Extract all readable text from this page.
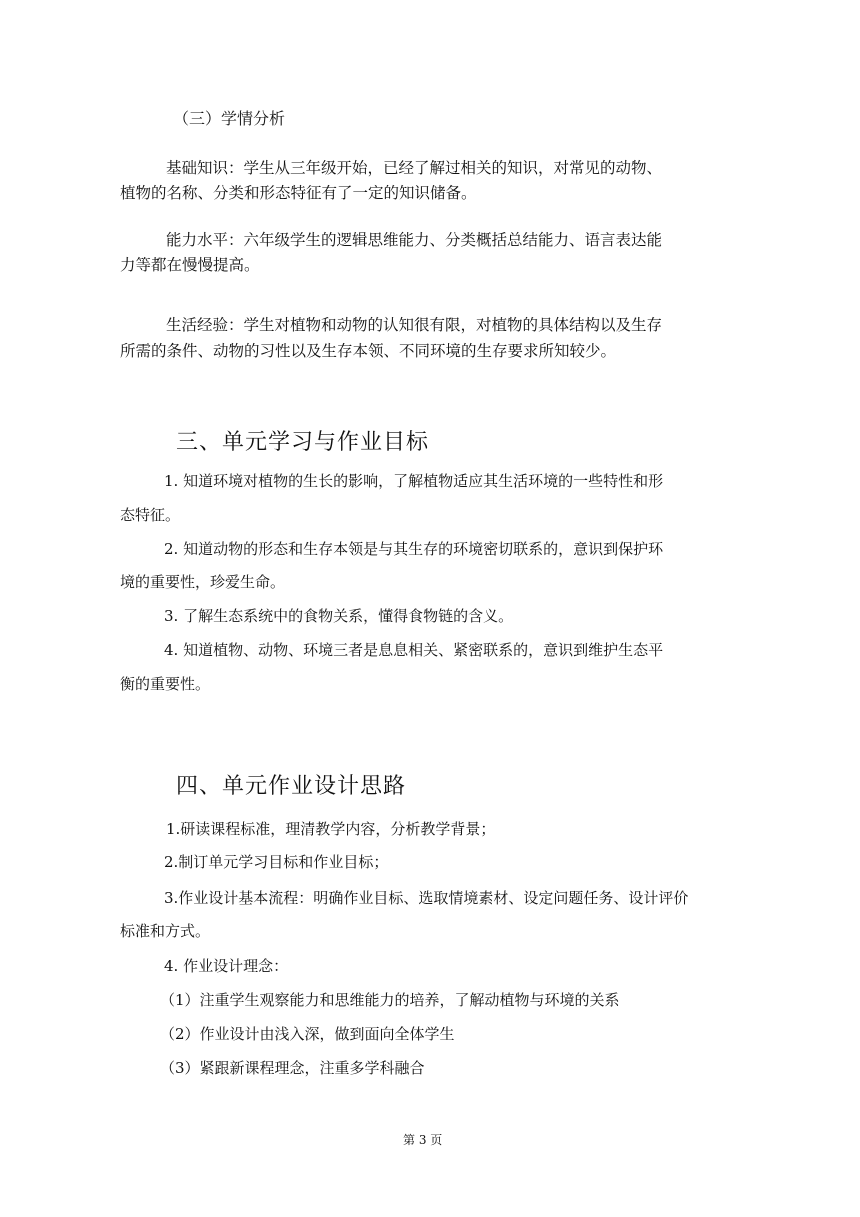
（三）学情分析

基础知识：学生从三年级开始，已经了解过相关的知识，对常见的动物、

植物的名称、分类和形态特征有了一定的知识储备。

能力水平：六年级学生的逻辑思维能力、分类概括总结能力、语言表达能

力等都在慢慢提高。

生活经验：学生对植物和动物的认知很有限，对植物的具体结构以及生存

所需的条件、动物的习性以及生存本领、不同环境的生存要求所知较少。

三、单元学习与作业目标

1. 知道环境对植物的生长的影响，了解植物适应其生活环境的一些特性和形

态特征。

2. 知道动物的形态和生存本领是与其生存的环境密切联系的，意识到保护环

境的重要性，珍爱生命。

3. 了解生态系统中的食物关系，懂得食物链的含义。

4. 知道植物、动物、环境三者是息息相关、紧密联系的，意识到维护生态平

衡的重要性。

四、单元作业设计思路

1.研读课程标准，理清教学内容，分析教学背景；

2.制订单元学习目标和作业目标；

3.作业设计基本流程：明确作业目标、选取情境素材、设定问题任务、设计评价

标准和方式。

4. 作业设计理念：

（1）注重学生观察能力和思维能力的培养，了解动植物与环境的关系

（2）作业设计由浅入深，做到面向全体学生

（3）紧跟新课程理念，注重多学科融合

第 3 页
